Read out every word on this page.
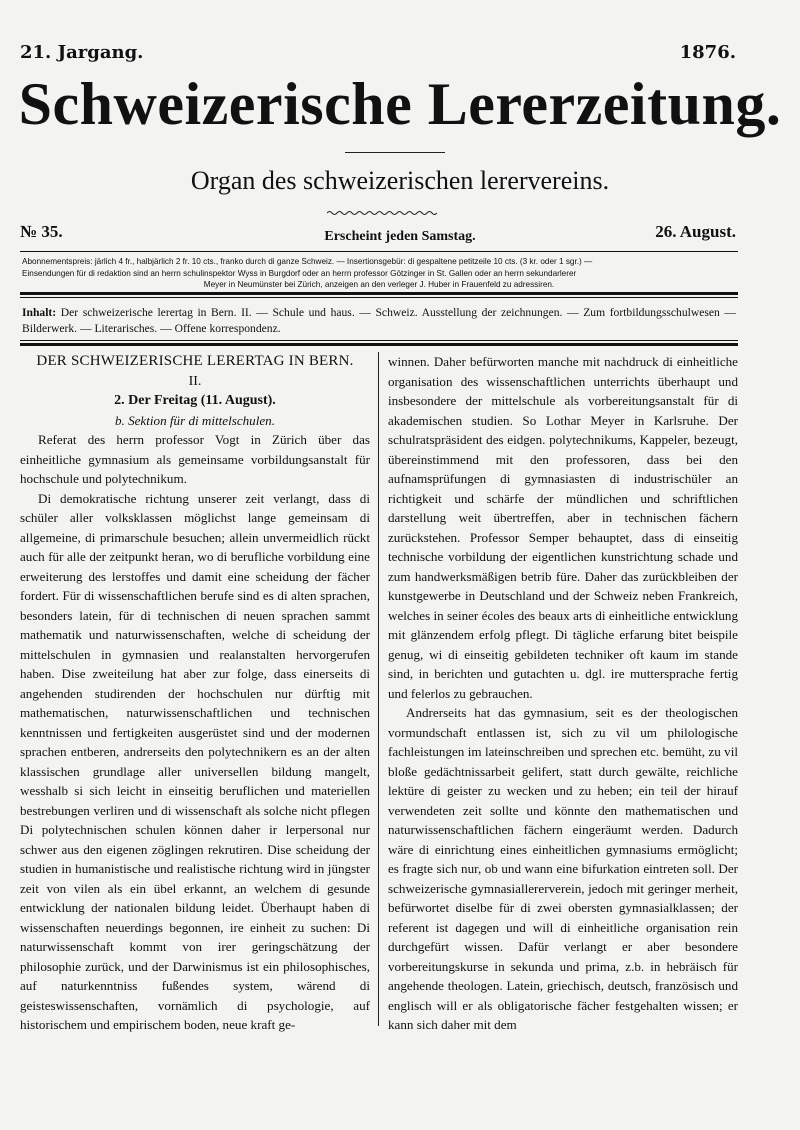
21. Jargang.	1876.
Schweizerische Lererzeitung.
Organ des schweizerischen lerervereins.
№ 35.	Erscheint jeden Samstag.	26. August.

Abonnementspreis: järlich 4 fr., halbjärlich 2 fr. 10 cts., franko durch di ganze Schweiz. — Insertionsgebür: di gespaltene petitzeile 10 cts. (3 kr. oder 1 sgr.) —

Einsendungen für di redaktion sind an herrn schulinspektor Wyss in Burgdorf oder an herrn professor Götzinger in St. Gallen oder an herrn sekundarlerer

Meyer in Neumünster bei Zürich, anzeigen an den verleger J. Huber in Frauenfeld zu adressiren.

Inhalt: Der schweizerische lerertag in Bern. II. — Schule und haus. — Schweiz. Ausstellung der zeichnungen. — Zum fortbildungsschulwesen — Bilderwerk. — Literarisches. — Offene korrespondenz.

DER SCHWEIZERISCHE LERERTAG IN BERN.

II.

2. Der Freitag (11. August).

b. Sektion für di mittelschulen.

Referat des herrn professor Vogt in Zürich über das einheitliche gymnasium als gemeinsame vorbildungsanstalt für hochschule und polytechnikum.

Di demokratische richtung unserer zeit verlangt, dass di schüler aller volksklassen möglichst lange gemeinsam di allgemeine, di primarschule besuchen; allein unvermeidlich rückt auch für alle der zeitpunkt heran, wo di berufliche vorbildung eine erweiterung des lerstoffes und damit eine scheidung der fächer fordert. Für di wissenschaftlichen berufe sind es di alten sprachen, besonders latein, für di technischen di neuen sprachen sammt mathematik und naturwissenschaften, welche di scheidung der mittelschulen in gymnasien und realanstalten hervorgerufen haben. Dise zweiteilung hat aber zur folge, dass einerseits di angehenden studirenden der hochschulen nur dürftig mit mathematischen, naturwissenschaftlichen und technischen kenntnissen und fertigkeiten ausgerüstet sind und der modernen sprachen entberen, andrerseits den polytechnikern es an der alten klassischen grundlage aller universellen bildung mangelt, wesshalb si sich leicht in einseitig beruflichen und materiellen bestrebungen verliren und di wissenschaft als solche nicht pflegen Di polytechnischen schulen können daher ir lerpersonal nur schwer aus den eigenen zöglingen rekrutiren. Dise scheidung der studien in humanistische und realistische richtung wird in jüngster zeit von vilen als ein übel erkannt, an welchem di gesunde entwicklung der nationalen bildung leidet. Überhaupt haben di wissenschaften neuerdings begonnen, ire einheit zu suchen: Di naturwissenschaft kommt von irer geringschätzung der philosophie zurück, und der Darwinismus ist ein philosophisches, auf naturkenntniss fußendes system, wärend di geisteswissenschaften, vornämlich di psychologie, auf historischem und empirischem boden, neue kraft ge-

winnen. Daher befürworten manche mit nachdruck di einheitliche organisation des wissenschaftlichen unterrichts überhaupt und insbesondere der mittelschule als vorbereitungsanstalt für di akademischen studien. So Lothar Meyer in Karlsruhe. Der schulratspräsident des eidgen. polytechnikums, Kappeler, bezeugt, übereinstimmend mit den professoren, dass bei den aufnamsprüfungen di gymnasiasten di industrischüler an richtigkeit und schärfe der mündlichen und schriftlichen darstellung weit übertreffen, aber in technischen fächern zurückstehen. Professor Semper behauptet, dass di einseitig technische vorbildung der eigentlichen kunstrichtung schade und zum handwerksmäßigen betrib füre. Daher das zurückbleiben der kunstgewerbe in Deutschland und der Schweiz neben Frankreich, welches in seiner écoles des beaux arts di einheitliche entwicklung mit glänzendem erfolg pflegt. Di tägliche erfarung bitet beispile genug, wi di einseitig gebildeten techniker oft kaum im stande sind, in berichten und gutachten u. dgl. ire muttersprache fertig und felerlos zu gebrauchen.

Andrerseits hat das gymnasium, seit es der theologischen vormundschaft entlassen ist, sich zu vil um philologische fachleistungen im lateinschreiben und sprechen etc. bemüht, zu vil bloße gedächtnissarbeit gelifert, statt durch gewälte, reichliche lektüre di geister zu wecken und zu heben; ein teil der hirauf verwendeten zeit sollte und könnte den mathematischen und naturwissenschaftlichen fächern eingeräumt werden. Dadurch wäre di einrichtung eines einheitlichen gymnasiums ermöglicht; es fragte sich nur, ob und wann eine bifurkation eintreten soll. Der schweizerische gymnasiallererverein, jedoch mit geringer merheit, befürwortet diselbe für di zwei obersten gymnasialklassen; der referent ist dagegen und will di einheitliche organisation rein durchgefürt wissen. Dafür verlangt er aber besondere vorbereitungskurse in sekunda und prima, z.b. in hebräisch für angehende theologen. Latein, griechisch, deutsch, französisch und englisch will er als obligatorische fächer festgehalten wissen; er kann sich daher mit dem
